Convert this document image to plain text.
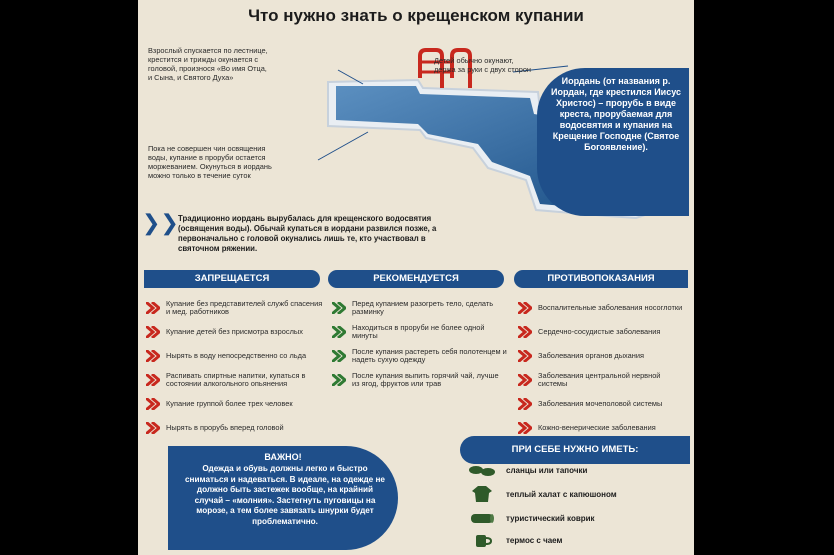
Что нужно знать о крещенском купании
Взрослый спускается по лестнице, крестится и трижды окунается с головой, произнося «Во имя Отца, и Сына, и Святого Духа»
Детей обычно окунают, держа за руки с двух сторон
Пока не совершен чин освящения воды, купание в проруби остается моржеванием. Окунуться в иордань можно только в течение суток
Иордань (от названия р. Иордан, где крестился Иисус Христос) – прорубь в виде креста, прорубаемая для водосвятия и купания на Крещение Господне (Святое Богоявление).
❯❯ Традиционно иордань вырубалась для крещенского водосвятия (освящения воды). Обычай купаться в иордани развился позже, а первоначально с головой окунались лишь те, кто участвовал в святочном ряжении.
ЗАПРЕЩАЕТСЯ	РЕКОМЕНДУЕТСЯ	ПРОТИВОПОКАЗАНИЯ
Купание без представителей служб спасения и мед. работников
Купание детей без присмотра взрослых
Нырять в воду непосредственно со льда
Распивать спиртные напитки, купаться в состоянии алкогольного опьянения
Купание группой более трех человек
Нырять в прорубь вперед головой
Перед купанием разогреть тело, сделать разминку
Находиться в проруби не более одной минуты
После купания растереть себя полотенцем и надеть сухую одежду
После купания выпить горячий чай, лучше из ягод, фруктов или трав
Воспалительные заболевания носоглотки
Сердечно-сосудистые заболевания
Заболевания органов дыхания
Заболевания центральной нервной системы
Заболевания мочеполовой системы
Кожно-венерические заболевания
ВАЖНО!
Одежда и обувь должны легко и быстро сниматься и надеваться. В идеале, на одежде не должно быть застежек вообще, на крайний случай – «молния». Застегнуть пуговицы на морозе, а тем более завязать шнурки будет проблематично.
ПРИ СЕБЕ НУЖНО ИМЕТЬ:
сланцы или тапочки
теплый халат с капюшоном
туристический коврик
термос с чаем
